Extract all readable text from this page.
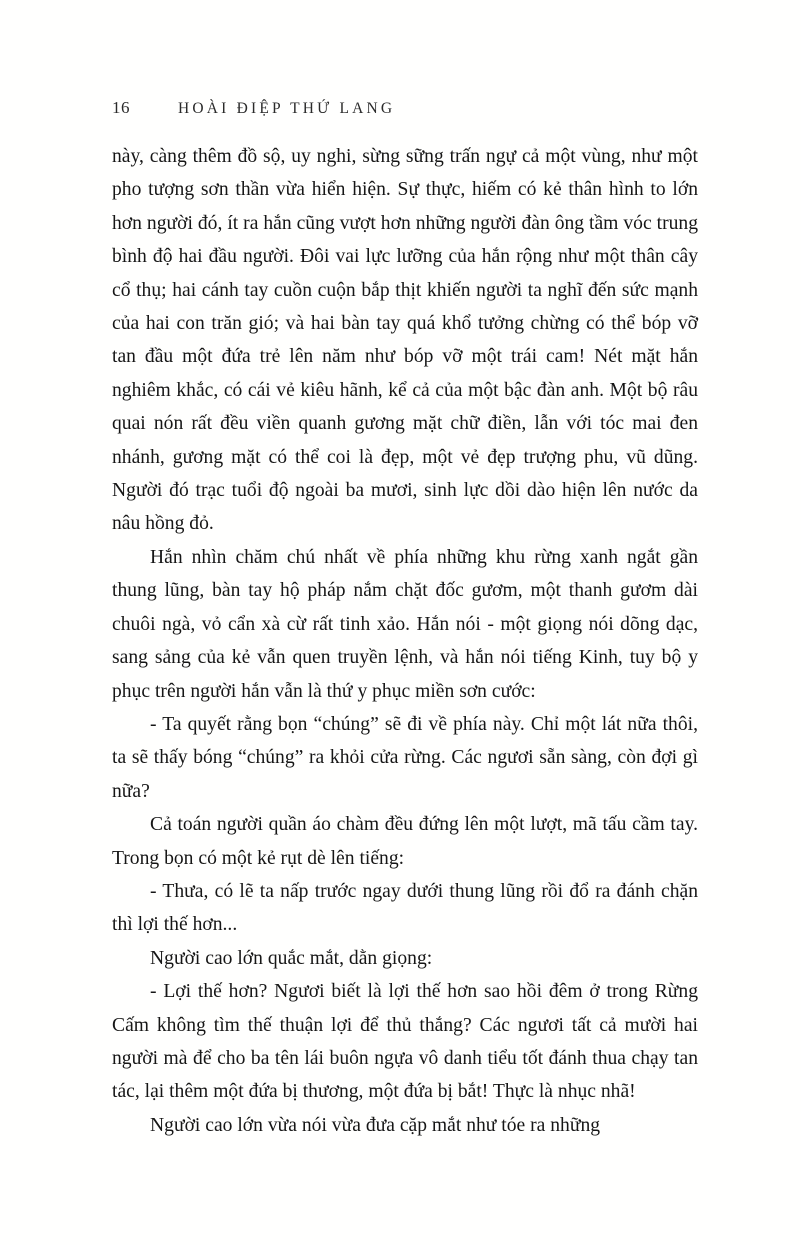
16	HOÀI ĐIỆP THỨ LANG

này, càng thêm đồ sộ, uy nghi, sừng sững trấn ngự cả một vùng, như một pho tượng sơn thần vừa hiển hiện. Sự thực, hiếm có kẻ thân hình to lớn hơn người đó, ít ra hắn cũng vượt hơn những người đàn ông tầm vóc trung bình độ hai đầu người. Đôi vai lực lưỡng của hắn rộng như một thân cây cổ thụ; hai cánh tay cuồn cuộn bắp thịt khiến người ta nghĩ đến sức mạnh của hai con trăn gió; và hai bàn tay quá khổ tưởng chừng có thể bóp vỡ tan đầu một đứa trẻ lên năm như bóp vỡ một trái cam! Nét mặt hắn nghiêm khắc, có cái vẻ kiêu hãnh, kể cả của một bậc đàn anh. Một bộ râu quai nón rất đều viền quanh gương mặt chữ điền, lẫn với tóc mai đen nhánh, gương mặt có thể coi là đẹp, một vẻ đẹp trượng phu, vũ dũng. Người đó trạc tuổi độ ngoài ba mươi, sinh lực dồi dào hiện lên nước da nâu hồng đỏ.

Hắn nhìn chăm chú nhất về phía những khu rừng xanh ngắt gần thung lũng, bàn tay hộ pháp nắm chặt đốc gươm, một thanh gươm dài chuôi ngà, vỏ cẩn xà cừ rất tinh xảo. Hắn nói - một giọng nói dõng dạc, sang sảng của kẻ vẫn quen truyền lệnh, và hắn nói tiếng Kinh, tuy bộ y phục trên người hắn vẫn là thứ y phục miền sơn cước:

- Ta quyết rằng bọn “chúng” sẽ đi về phía này. Chỉ một lát nữa thôi, ta sẽ thấy bóng “chúng” ra khỏi cửa rừng. Các ngươi sẵn sàng, còn đợi gì nữa?

Cả toán người quần áo chàm đều đứng lên một lượt, mã tấu cầm tay. Trong bọn có một kẻ rụt dè lên tiếng:

- Thưa, có lẽ ta nấp trước ngay dưới thung lũng rồi đổ ra đánh chặn thì lợi thế hơn...

Người cao lớn quắc mắt, dằn giọng:

- Lợi thế hơn? Ngươi biết là lợi thế hơn sao hồi đêm ở trong Rừng Cấm không tìm thế thuận lợi để thủ thắng? Các ngươi tất cả mười hai người mà để cho ba tên lái buôn ngựa vô danh tiểu tốt đánh thua chạy tan tác, lại thêm một đứa bị thương, một đứa bị bắt! Thực là nhục nhã!

Người cao lớn vừa nói vừa đưa cặp mắt như tóe ra những
